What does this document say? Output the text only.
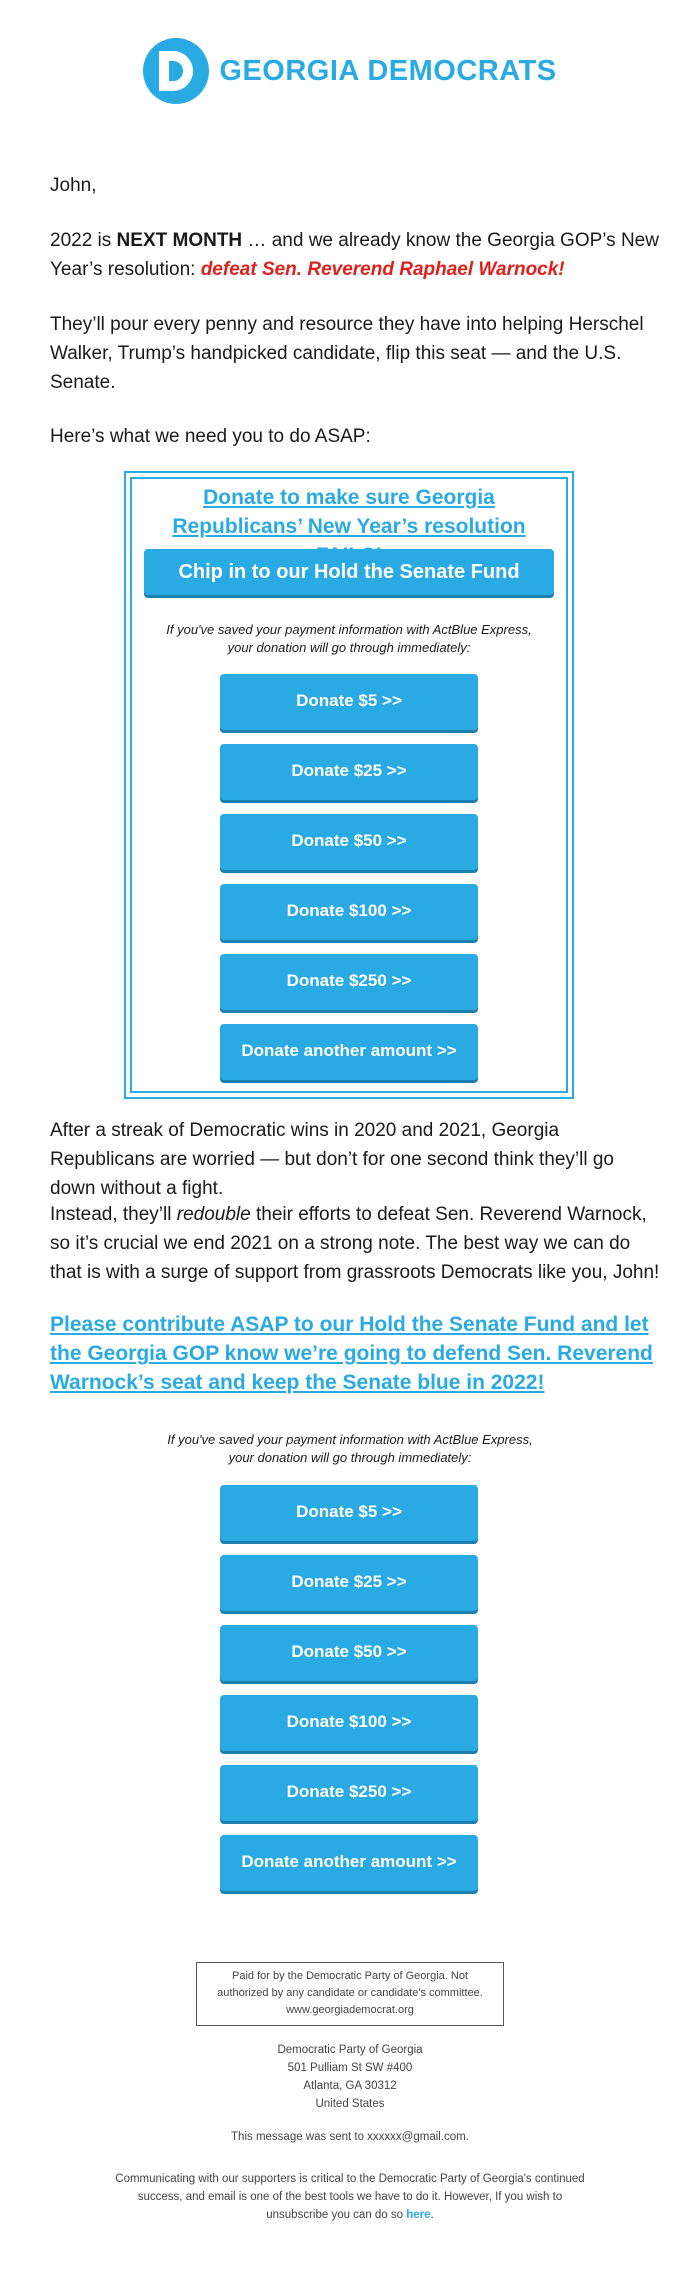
GEORGIA DEMOCRATS
John,
2022 is NEXT MONTH … and we already know the Georgia GOP’s New Year’s resolution: defeat Sen. Reverend Raphael Warnock!
They’ll pour every penny and resource they have into helping Herschel Walker, Trump’s handpicked candidate, flip this seat — and the U.S. Senate.
Here’s what we need you to do ASAP:
Donate to make sure Georgia Republicans’ New Year’s resolution
Chip in to our Hold the Senate Fund
If you've saved your payment information with ActBlue Express,
your donation will go through immediately:
Donate $5 >>
Donate $25 >>
Donate $50 >>
Donate $100 >>
Donate $250 >>
Donate another amount >>
After a streak of Democratic wins in 2020 and 2021, Georgia Republicans are worried — but don’t for one second think they’ll go down without a fight.
Instead, they’ll redouble their efforts to defeat Sen. Reverend Warnock, so it’s crucial we end 2021 on a strong note. The best way we can do that is with a surge of support from grassroots Democrats like you, John!
Please contribute ASAP to our Hold the Senate Fund and let the Georgia GOP know we’re going to defend Sen. Reverend Warnock’s seat and keep the Senate blue in 2022!
If you've saved your payment information with ActBlue Express,
your donation will go through immediately:
Donate $5 >>
Donate $25 >>
Donate $50 >>
Donate $100 >>
Donate $250 >>
Donate another amount >>
Paid for by the Democratic Party of Georgia. Not
authorized by any candidate or candidate's committee.
www.georgiademocrat.org
Democratic Party of Georgia
501 Pulliam St SW #400
Atlanta, GA 30312
United States
This message was sent to xxxxxx@gmail.com.
Communicating with our supporters is critical to the Democratic Party of Georgia's continued
success, and email is one of the best tools we have to do it. However, If you wish to
unsubscribe you can do so here.
